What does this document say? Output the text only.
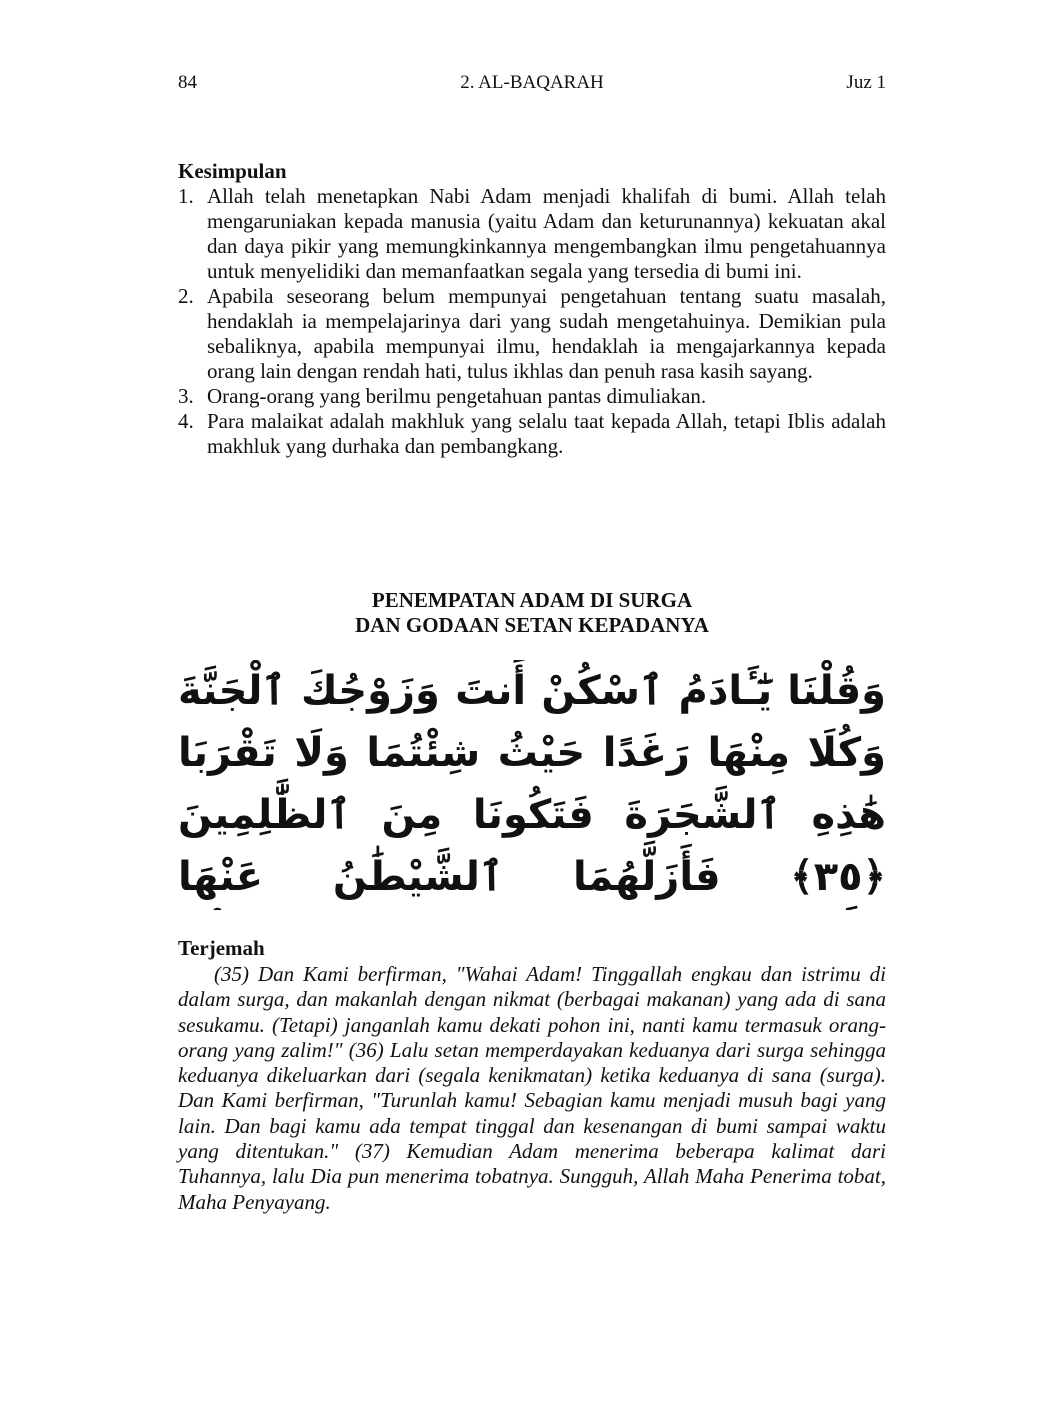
84	2. AL-BAQARAH	Juz 1
Kesimpulan
1. Allah telah menetapkan Nabi Adam menjadi khalifah di bumi. Allah telah mengaruniakan kepada manusia (yaitu Adam dan keturunannya) kekuatan akal dan daya pikir yang memungkinkannya mengembangkan ilmu pengetahuannya untuk menyelidiki dan memanfaatkan segala yang tersedia di bumi ini.
2. Apabila seseorang belum mempunyai pengetahuan tentang suatu masalah, hendaklah ia mempelajarinya dari yang sudah mengetahuinya. Demikian pula sebaliknya, apabila mempunyai ilmu, hendaklah ia mengajarkannya kepada orang lain dengan rendah hati, tulus ikhlas dan penuh rasa kasih sayang.
3. Orang-orang yang berilmu pengetahuan pantas dimuliakan.
4. Para malaikat adalah makhluk yang selalu taat kepada Allah, tetapi Iblis adalah makhluk yang durhaka dan pembangkang.
PENEMPATAN ADAM DI SURGA
DAN GODAAN SETAN KEPADANYA
وَقُلْنَا يَٰٓـَٔادَمُ ٱسْكُنْ أَنتَ وَزَوْجُكَ ٱلْجَنَّةَ وَكُلَا مِنْهَا رَغَدًا حَيْثُ شِئْتُمَا وَلَا تَقْرَبَا هَٰذِهِ ٱلشَّجَرَةَ فَتَكُونَا مِنَ ٱلظَّٰلِمِينَ ﴿٣٥﴾ فَأَزَلَّهُمَا ٱلشَّيْطَٰنُ عَنْهَا
Terjemah

(35) Dan Kami berfirman, "Wahai Adam! Tinggallah engkau dan istrimu di dalam surga, dan makanlah dengan nikmat (berbagai makanan) yang ada di sana sesukamu. (Tetapi) janganlah kamu dekati pohon ini, nanti kamu termasuk orang-orang yang zalim!" (36) Lalu setan memperdayakan keduanya dari surga sehingga keduanya dikeluarkan dari (segala kenikmatan) ketika keduanya di sana (surga). Dan Kami berfirman, "Turunlah kamu! Sebagian kamu menjadi musuh bagi yang lain. Dan bagi kamu ada tempat tinggal dan kesenangan di bumi sampai waktu yang ditentukan." (37) Kemudian Adam menerima beberapa kalimat dari Tuhannya, lalu Dia pun menerima tobatnya. Sungguh, Allah Maha Penerima tobat, Maha Penyayang.
